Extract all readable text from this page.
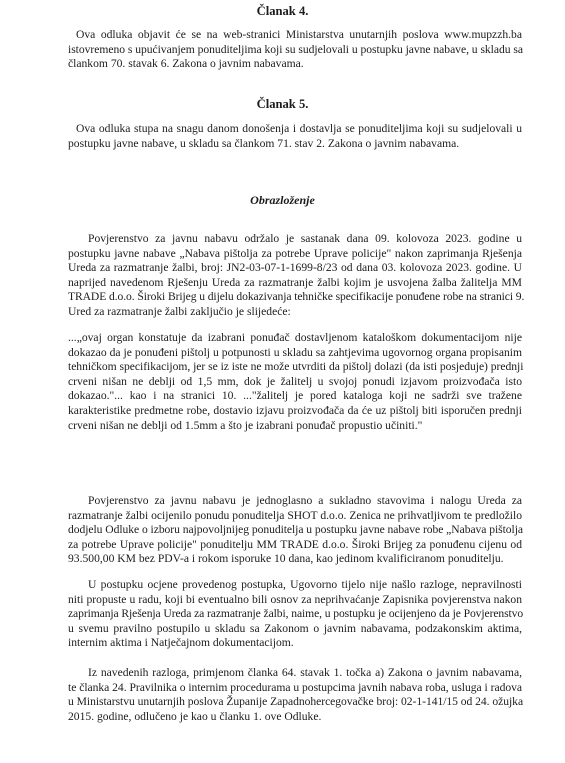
Član​ak 4.
Ova odluka objavit će se na web-stranici Ministarstva unutarnjih poslova www.mupzzh.ba
istovremeno s upućivanjem ponuditeljima koji su sudjelovali u postupku javne nabave, u skladu sa
člankom 70. stavak 6. Zakona o javnim nabavama.
Članak 5.
Ova odluka stupa na snagu danom donošenja i dostavlja se ponuditeljima koji su sudjelovali u
postupku javne nabave, u skladu sa člankom 71. stav 2. Zakona o javnim nabavama.
Obrazloženje
Povjerenstvo za javnu nabavu održalo je sastanak dana 09. kolovoza 2023. godine u
postupku javne nabave „Nabava pištolja za potrebe Uprave policije" nakon zaprimanja Rješenja
Ureda za razmatranje žalbi, broj: JN2-03-07-1-1699-8/23 od dana 03. kolovoza 2023. godine. U
naprijed navedenom Rješenju Ureda za razmatranje žalbi kojim je usvojena žalba žalitelja MM
TRADE d.o.o. Široki Brijeg u dijelu dokazivanja tehničke specifikacije ponuđene robe na stranici 9.
Ured za razmatranje žalbi zaključio je slijedeće:
...„ovaj organ konstatuje da izabrani ponuđač dostavljenom kataloškom dokumentacijom nije
dokazao da je ponuđeni pištolj u potpunosti u skladu sa zahtjevima ugovornog organa propisanim
tehničkom specifikacijom, jer se iz iste ne može utvrditi da pištolj dolazi (da isti posjeduje) prednji
crveni nišan ne deblji od 1,5 mm, dok je žalitelj u svojoj ponudi izjavom proizvođača isto
dokazao."... kao i na stranici 10. ..."žalitelj je pored kataloga koji ne sadrži sve tražene
karakteristike predmetne robe, dostavio izjavu proizvođača da će uz pištolj biti isporučen prednji
crveni nišan ne deblji od 1.5mm a što je izabrani ponuđač propustio učiniti."
Povjerenstvo za javnu nabavu je jednoglasno a sukladno stavovima i nalogu Ureda za
razmatranje žalbi ocijenilo ponudu ponuditelja SHOT d.o.o. Zenica ne prihvatljivom te predložilo
dodjelu Odluke o izboru najpovoljnijeg ponuditelja u postupku javne nabave robe „Nabava pištolja
za potrebe Uprave policije" ponuditelju MM TRADE d.o.o. Široki Brijeg za ponuđenu cijenu od
93.500,00 KM bez PDV-a i rokom isporuke 10 dana, kao jedinom kvalificiranom ponuditelju.
U postupku ocjene provedenog postupka, Ugovorno tijelo nije našlo razloge, nepravilnosti
niti propuste u radu, koji bi eventualno bili osnov za neprihvaćanje Zapisnika povjerenstva nakon
zaprimanja Rješenja Ureda za razmatranje žalbi, naime, u postupku je ocijenjeno da je Povjerenstvo
u svemu pravilno postupilo u skladu sa Zakonom o javnim nabavama, podzakonskim aktima,
internim aktima i Natječajnom dokumentacijom.
Iz navedenih razloga, primjenom članka 64. stavak 1. točka a) Zakona o javnim nabavama,
te članka 24. Pravilnika o internim procedurama u postupcima javnih nabava roba, usluga i radova
u Ministarstvu unutarnjih poslova Županije Zapadnohercegovačke broj: 02-1-141/15 od 24. ožujka
2015. godine, odlučeno je kao u članku 1. ove Odluke.
